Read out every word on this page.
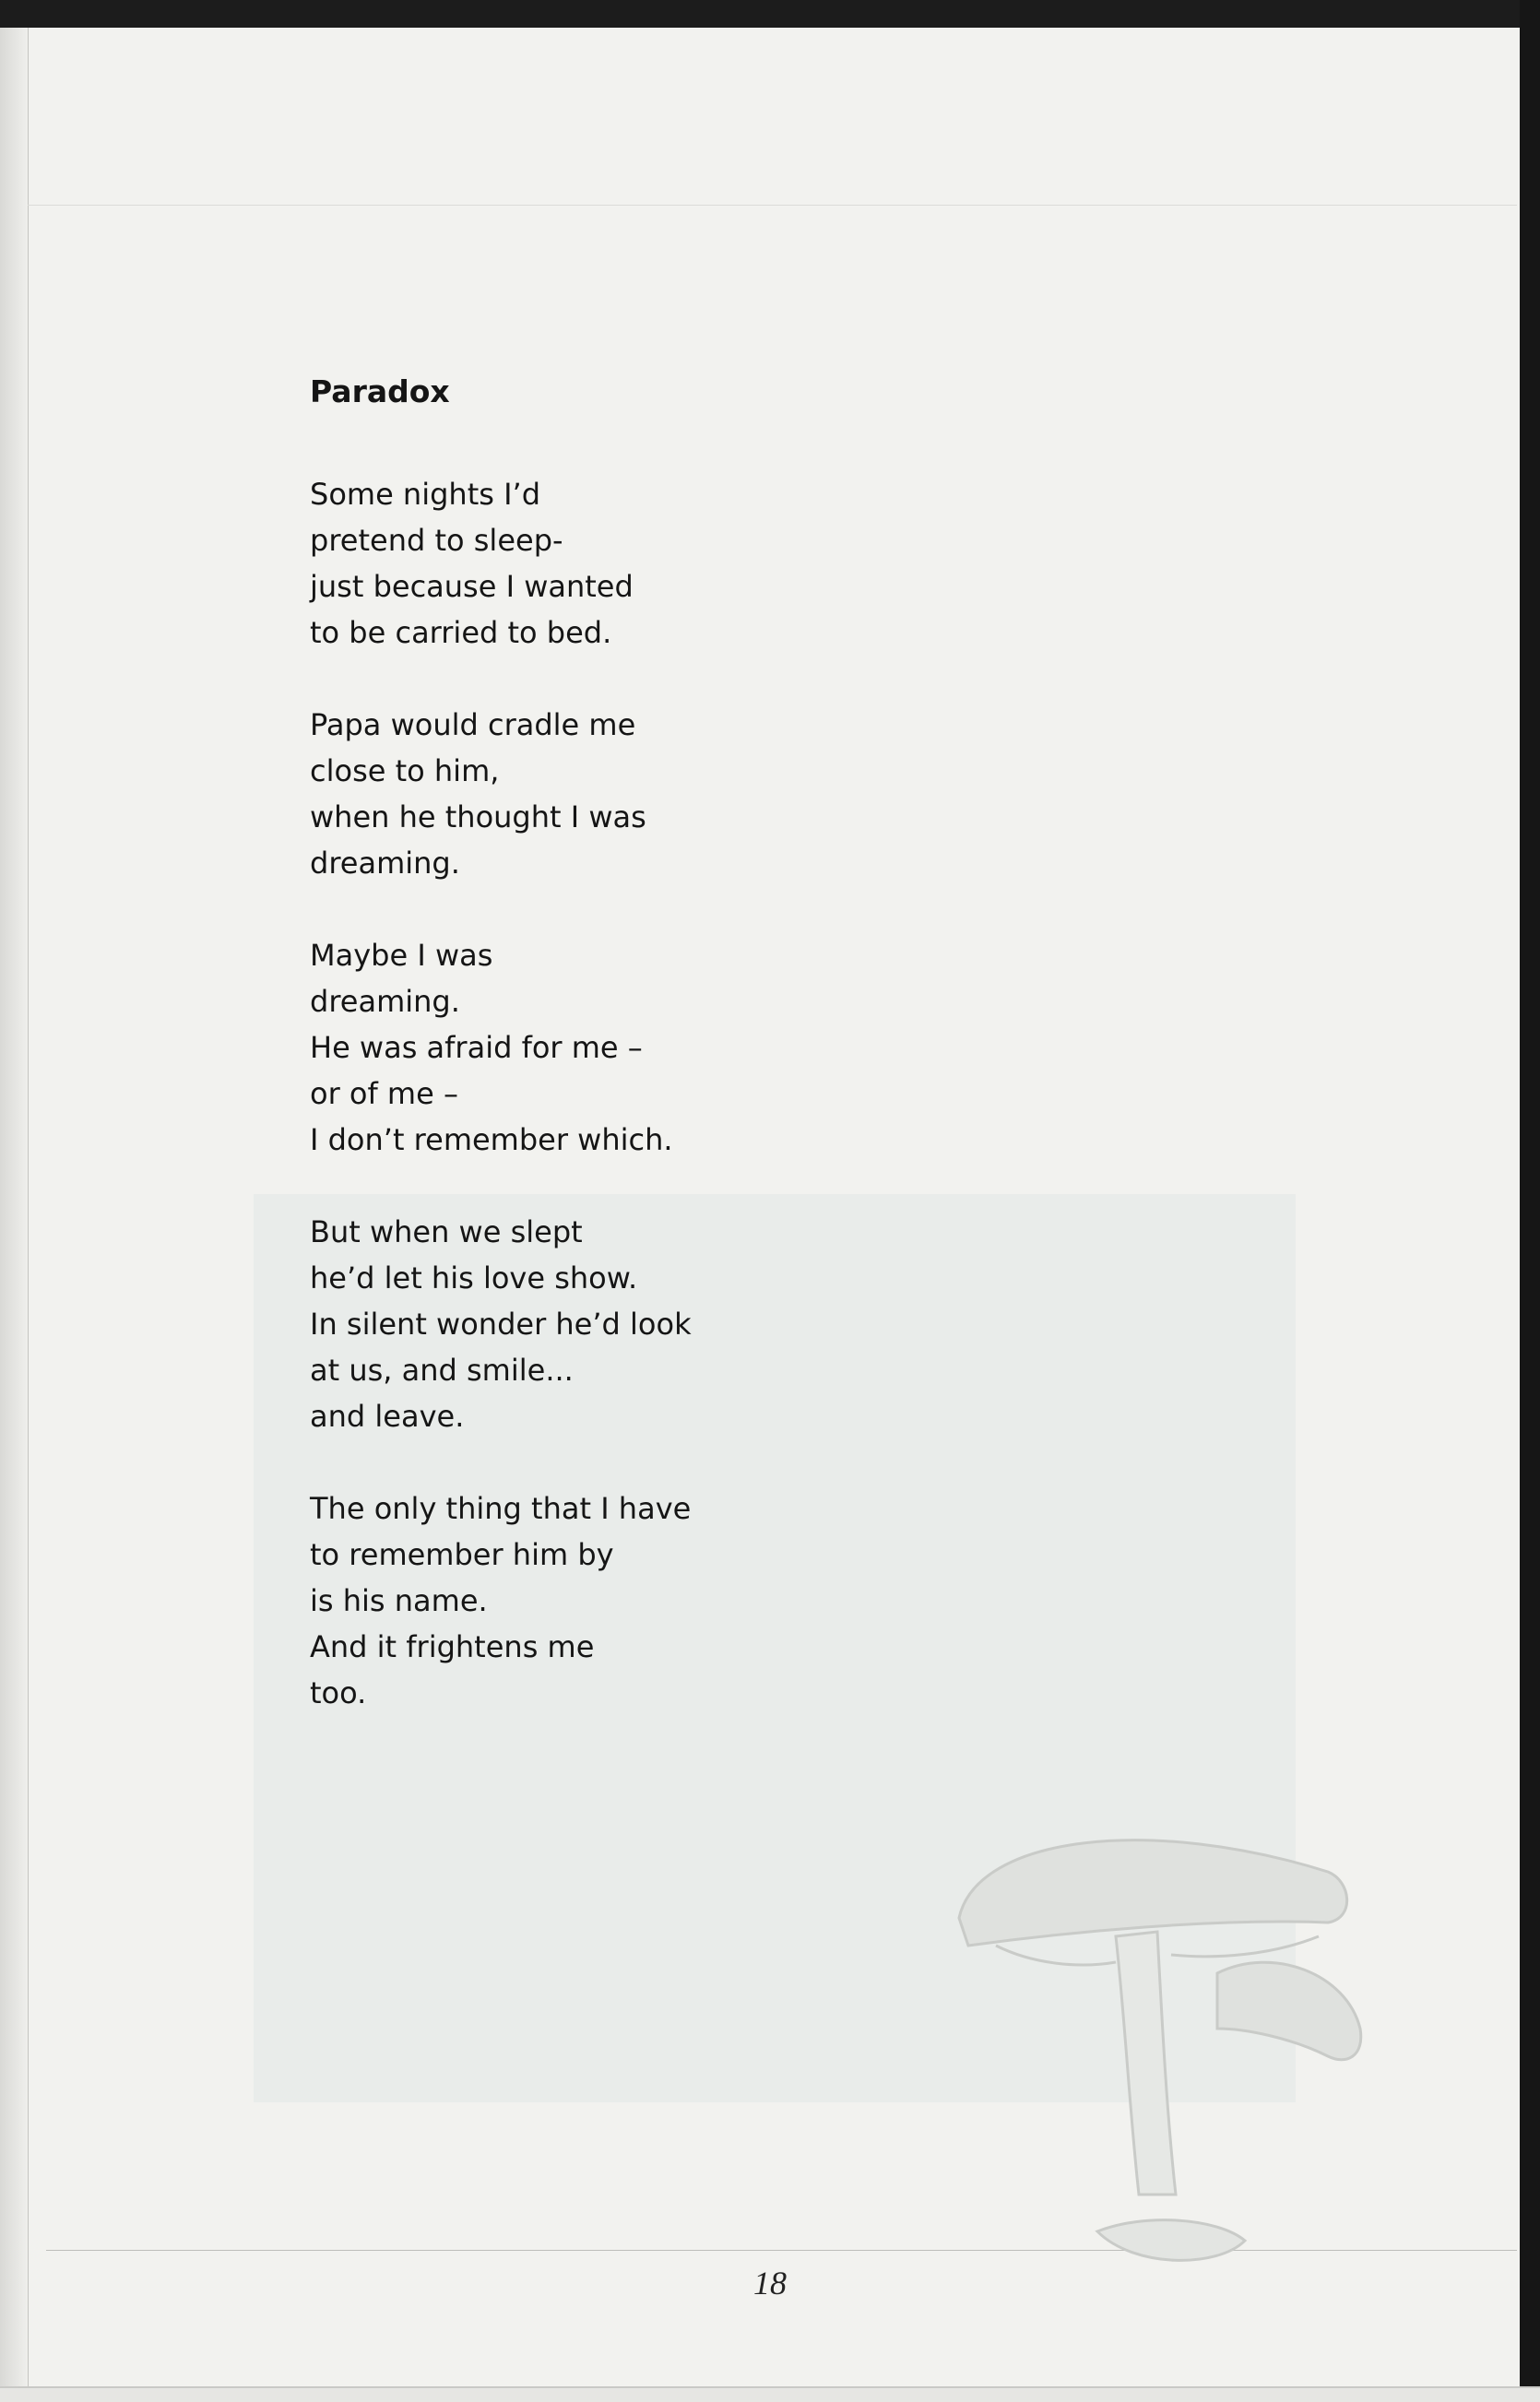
Paradox
Some nights I’d
pretend to sleep-
just because I wanted
to be carried to bed.
Papa would cradle me
close to him,
when he thought I was
dreaming.
Maybe I was
dreaming.
He was afraid for me –
or of me –
I don’t remember which.
But when we slept
he’d let his love show.
In silent wonder he’d look
at us, and smile...
and leave.
The only thing that I have
to remember him by
is his name.
And it frightens me
too.
18
